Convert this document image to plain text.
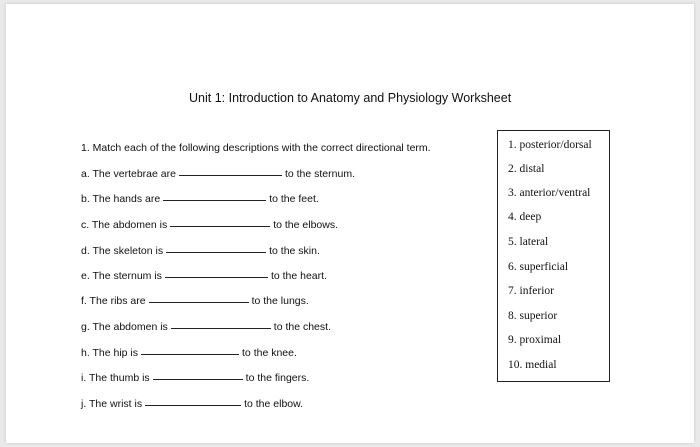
Unit 1: Introduction to Anatomy and Physiology Worksheet
1. Match each of the following descriptions with the correct directional term.
a. The vertebrae are	to the sternum.
b. The hands are	to the feet.
c. The abdomen is	to the elbows.
d. The skeleton is	to the skin.
e. The sternum is	to the heart.
f. The ribs are	to the lungs.
g. The abdomen is	to the chest.
h. The hip is	to the knee.
i. The thumb is	to the fingers.
j. The wrist is	to the elbow.
1. posterior/dorsal
2. distal
3. anterior/ventral
4. deep
5. lateral
6. superficial
7. inferior
8. superior
9. proximal
10. medial
